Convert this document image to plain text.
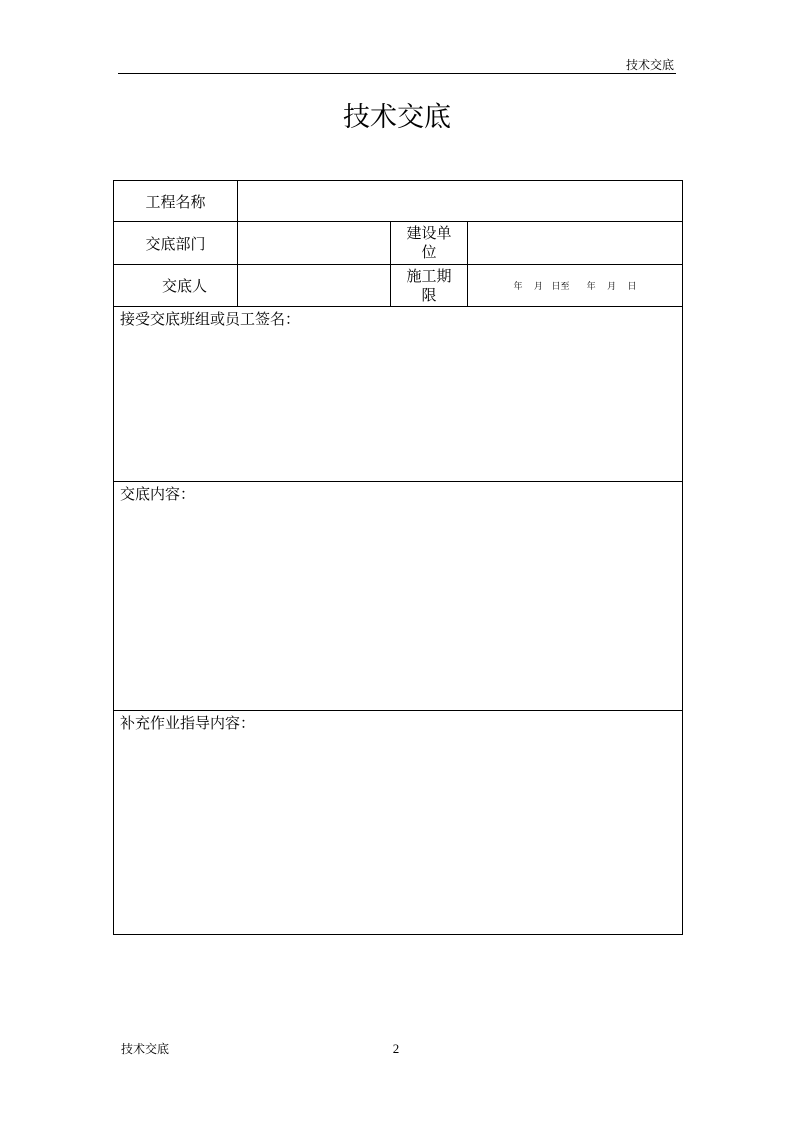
技术交底
技术交底
工程名称			
交底部门		建设单
位	

交底人		施工期
限	年    月   日至      年    月    日
接受交底班组或员工签名：			
交底内容：			
补充作业指导内容：			
技术交底	2
